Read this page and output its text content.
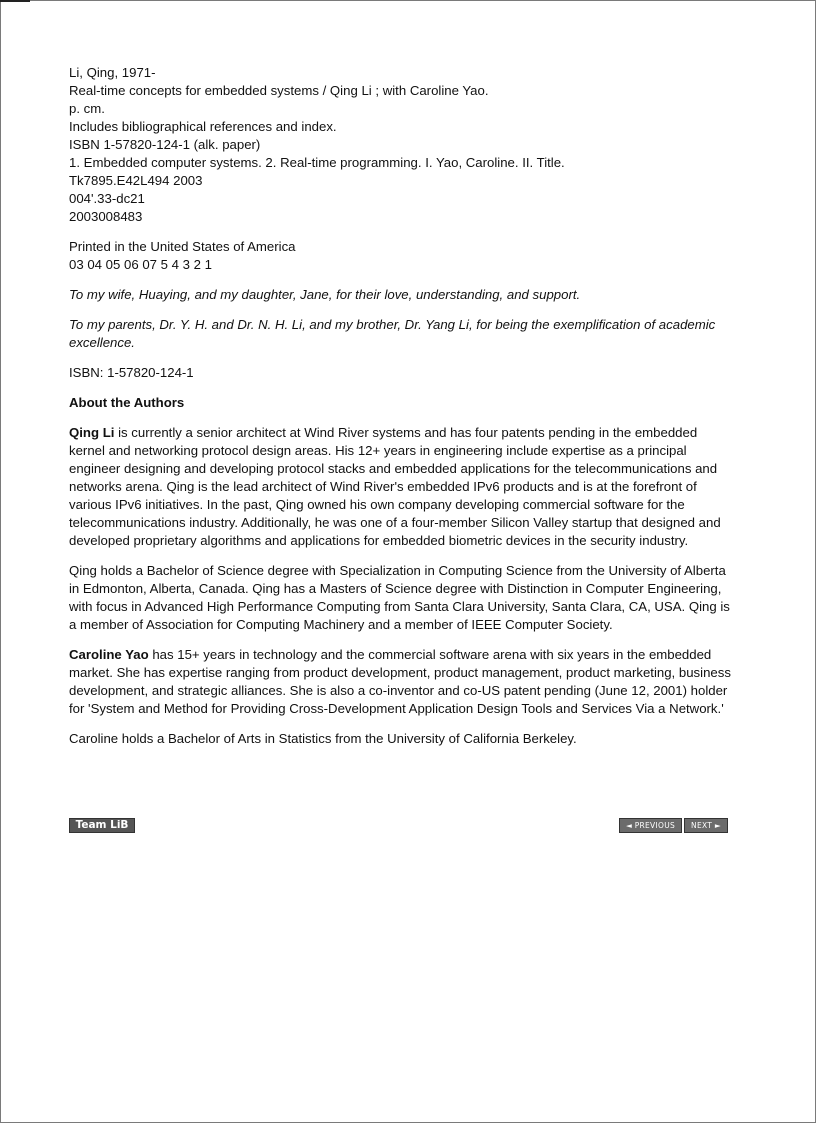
Li, Qing, 1971-
Real-time concepts for embedded systems / Qing Li ; with Caroline Yao.
p. cm.
Includes bibliographical references and index.
ISBN 1-57820-124-1 (alk. paper)
1. Embedded computer systems. 2. Real-time programming. I. Yao, Caroline. II. Title.
Tk7895.E42L494 2003
004'.33-dc21
2003008483
Printed in the United States of America
03 04 05 06 07 5 4 3 2 1

To my wife, Huaying, and my daughter, Jane, for their love, understanding, and support.

To my parents, Dr. Y. H. and Dr. N. H. Li, and my brother, Dr. Yang Li, for being the exemplification of academic excellence.

ISBN: 1-57820-124-1

About the Authors

Qing Li is currently a senior architect at Wind River systems and has four patents pending in the embedded kernel and networking protocol design areas. His 12+ years in engineering include expertise as a principal engineer designing and developing protocol stacks and embedded applications for the telecommunications and networks arena. Qing is the lead architect of Wind River's embedded IPv6 products and is at the forefront of various IPv6 initiatives. In the past, Qing owned his own company developing commercial software for the telecommunications industry. Additionally, he was one of a four-member Silicon Valley startup that designed and developed proprietary algorithms and applications for embedded biometric devices in the security industry.

Qing holds a Bachelor of Science degree with Specialization in Computing Science from the University of Alberta in Edmonton, Alberta, Canada. Qing has a Masters of Science degree with Distinction in Computer Engineering, with focus in Advanced High Performance Computing from Santa Clara University, Santa Clara, CA, USA. Qing is a member of Association for Computing Machinery and a member of IEEE Computer Society.

Caroline Yao has 15+ years in technology and the commercial software arena with six years in the embedded market. She has expertise ranging from product development, product management, product marketing, business development, and strategic alliances. She is also a co-inventor and co-US patent pending (June 12, 2001) holder for 'System and Method for Providing Cross-Development Application Design Tools and Services Via a Network.'

Caroline holds a Bachelor of Arts in Statistics from the University of California Berkeley.

Team LiB	◄ PREVIOUS	NEXT ►
